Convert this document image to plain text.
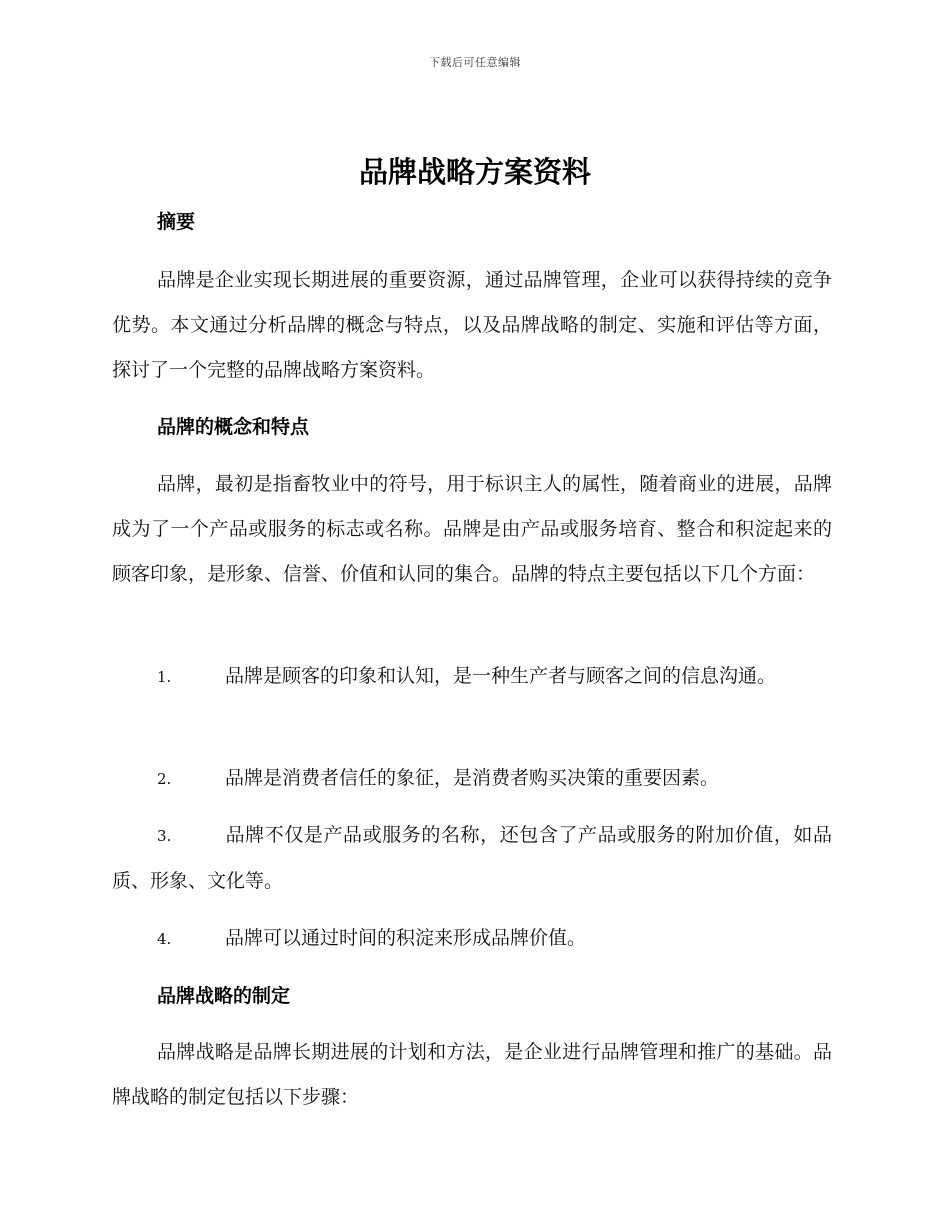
下载后可任意编辑
品牌战略方案资料
摘要

品牌是企业实现长期进展的重要资源，通过品牌管理，企业可以获得持续的竞争优势。本文通过分析品牌的概念与特点，以及品牌战略的制定、实施和评估等方面，探讨了一个完整的品牌战略方案资料。

品牌的概念和特点

品牌，最初是指畜牧业中的符号，用于标识主人的属性，随着商业的进展，品牌成为了一个产品或服务的标志或名称。品牌是由产品或服务培育、整合和积淀起来的顾客印象，是形象、信誉、价值和认同的集合。品牌的特点主要包括以下几个方面：

1.	品牌是顾客的印象和认知，是一种生产者与顾客之间的信息沟通。

2.	品牌是消费者信任的象征，是消费者购买决策的重要因素。

3.	品牌不仅是产品或服务的名称，还包含了产品或服务的附加价值，如品质、形象、文化等。

4.	品牌可以通过时间的积淀来形成品牌价值。

品牌战略的制定

品牌战略是品牌长期进展的计划和方法，是企业进行品牌管理和推广的基础。品牌战略的制定包括以下步骤：
